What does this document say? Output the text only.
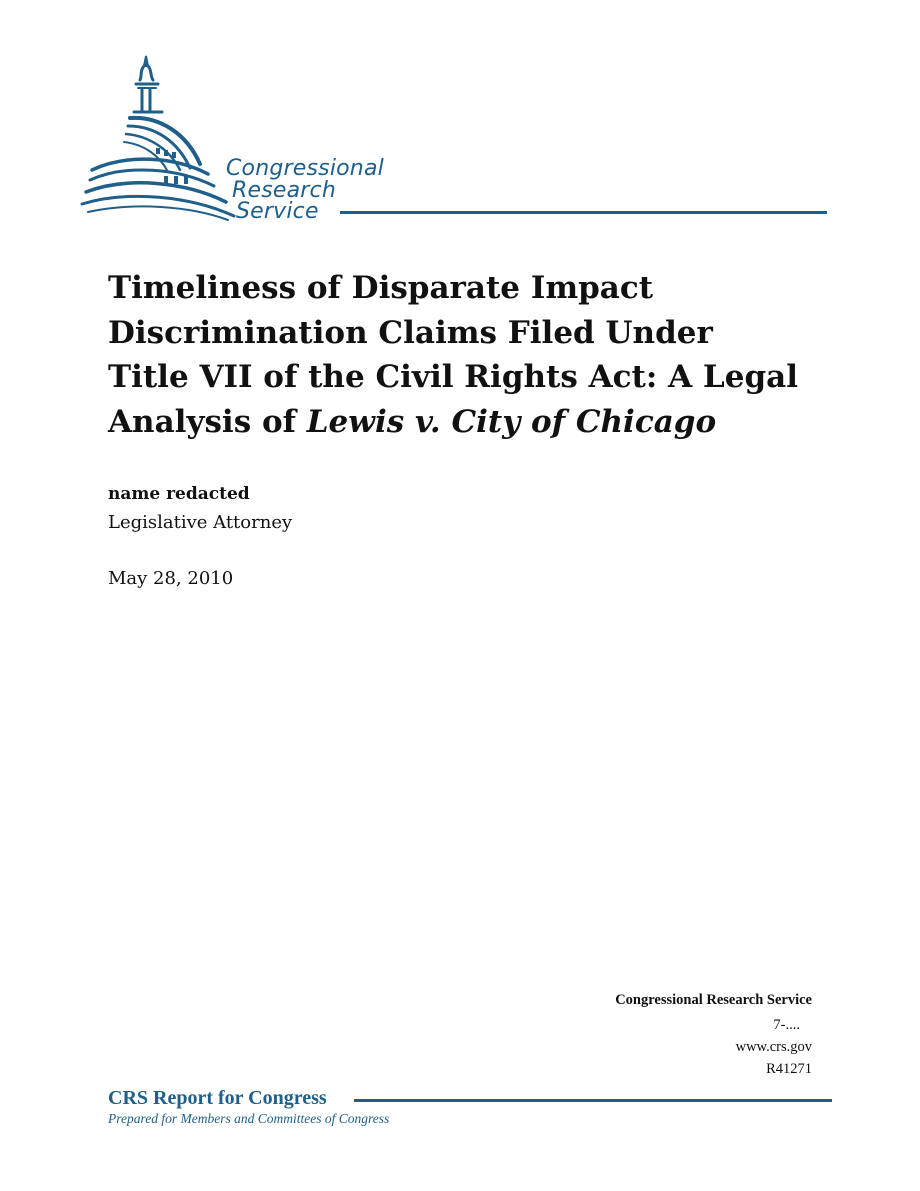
Congressional
Research
Service
Timeliness of Disparate Impact
Discrimination Claims Filed Under
Title VII of the Civil Rights Act: A Legal
Analysis of Lewis v. City of Chicago
name redacted
Legislative Attorney
May 28, 2010
Congressional Research Service
7-....
www.crs.gov
R41271
CRS Report for Congress
Prepared for Members and Committees of Congress
